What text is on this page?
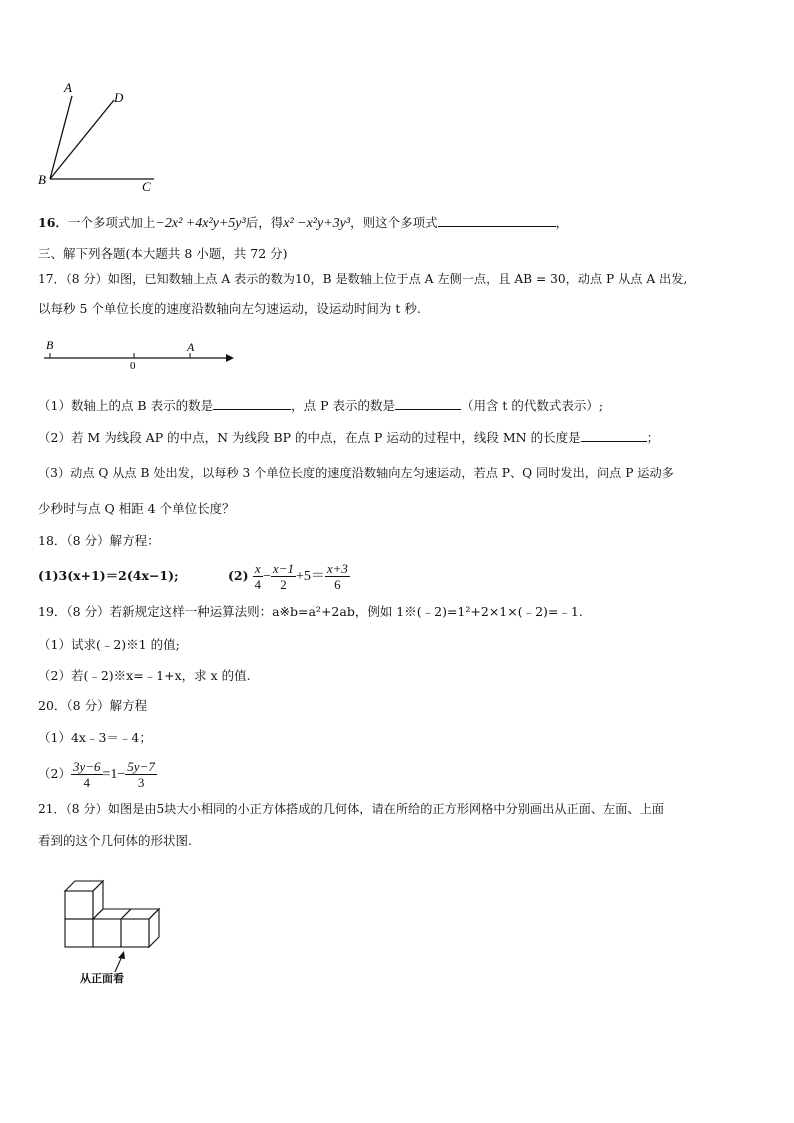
A
D
B	C
16．一个多项式加上−2x² +4x²y+5y³后，得x² −x²y+3y³，则这个多项式	，
三、解下列各题(本大题共 8 小题，共 72 分)
17．（8 分）如图，已知数轴上点 A 表示的数为10，B 是数轴上位于点 A 左侧一点，且 AB = 30，动点 P 从点 A 出发,
以每秒 5 个单位长度的速度沿数轴向左匀速运动，设运动时间为 t 秒.
B
0
A
（1）数轴上的点 B 表示的数是	，点 P 表示的数是	（用含 t 的代数式表示）;
（2）若 M 为线段 AP 的中点，N 为线段 BP 的中点，在点 P 运动的过程中，线段 MN 的长度是	；
（3）动点 Q 从点 B 处出发，以每秒 3 个单位长度的速度沿数轴向左匀速运动，若点 P、Q 同时发出，问点 P 运动多
少秒时与点 Q 相距 4 个单位长度？
18．（8 分）解方程：
(1)3(x+1)＝2(4x−1);	$(2) \frac{x}{4} - \frac{x-1}{2} +5= \frac{x+3}{6}$
19．（8 分）若新规定这样一种运算法则：a※b=a²+2ab，例如 1※(﹣2)=1²+2×1×(﹣2)=﹣1.
（1）试求(﹣2)※1 的值;
（2）若(﹣2)※x=﹣1+x，求 x 的值.
20．（8 分）解方程
（1）4x﹣3＝﹣4；
$(2) \frac{3y-6}{4} =1- \frac{5y-7}{3}$
21．（8 分）如图是由5块大小相同的小正方体搭成的几何体，请在所给的正方形网格中分别画出从正面、左面、上面
看到的这个几何体的形状图.
从正面看
